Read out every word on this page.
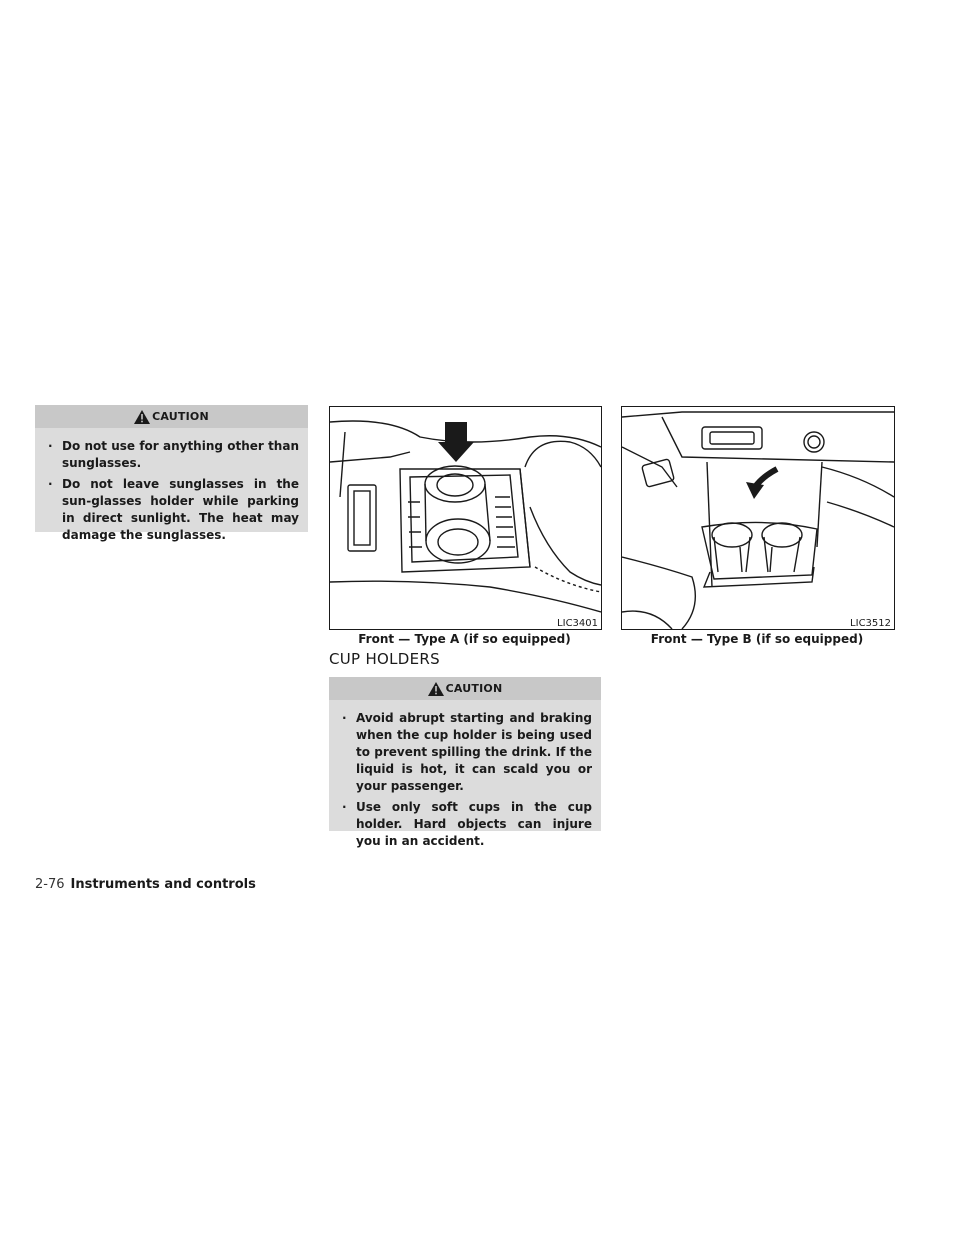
CAUTION
· Do not use for anything other than sunglasses.
· Do not leave sunglasses in the sun-glasses holder while parking in direct sunlight. The heat may damage the sunglasses.
LIC3401
Front — Type A (if so equipped)
LIC3512
Front — Type B (if so equipped)
CUP HOLDERS
CAUTION
· Avoid abrupt starting and braking when the cup holder is being used to prevent spilling the drink. If the liquid is hot, it can scald you or your passenger.
· Use only soft cups in the cup holder. Hard objects can injure you in an accident.
2-76 Instruments and controls
